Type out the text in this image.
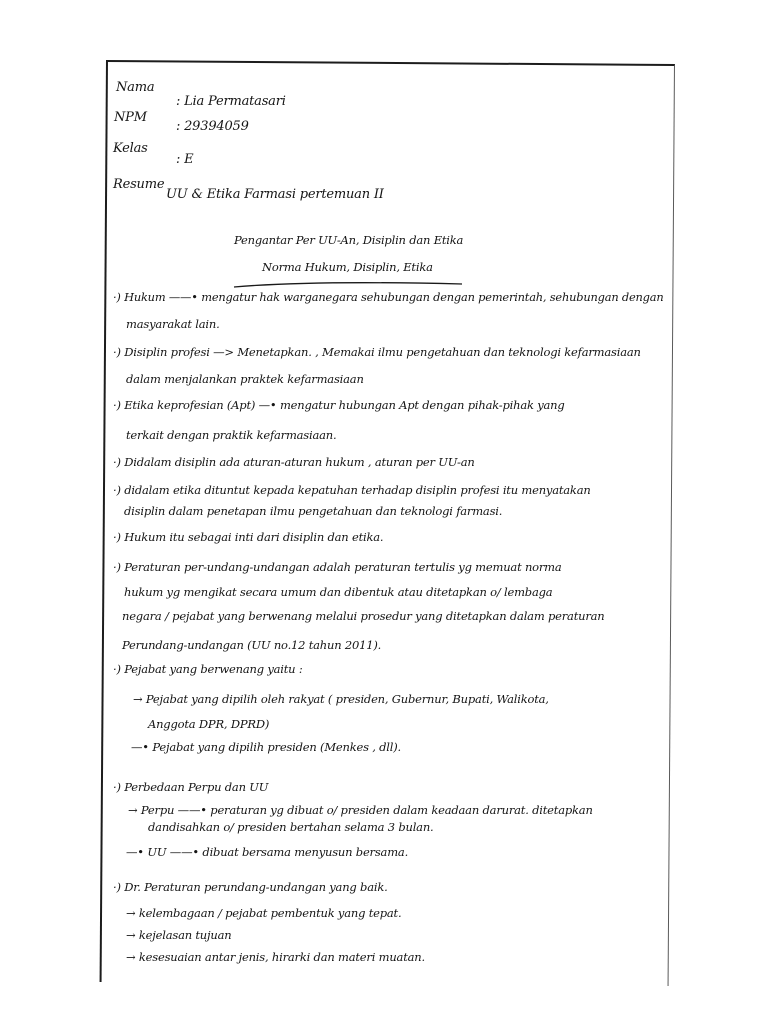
Nama
: Lia Permatasari
NPM
: 29394059
Kelas
: E
Resume
UU & Etika Farmasi pertemuan II
Pengantar Per UU-An, Disiplin dan Etika
Norma Hukum, Disiplin, Etika
·) Hukum ——• mengatur hak warganegara sehubungan dengan pemerintah, sehubungan dengan
masyarakat lain.
·) Disiplin profesi —> Menetapkan. , Memakai ilmu pengetahuan dan teknologi kefarmasiaan
dalam menjalankan praktek kefarmasiaan
·) Etika keprofesian (Apt) —• mengatur hubungan Apt dengan pihak-pihak yang
terkait dengan praktik kefarmasiaan.
·) Didalam disiplin ada aturan-aturan hukum , aturan per UU-an
·) didalam etika dituntut kepada kepatuhan terhadap disiplin profesi itu menyatakan
disiplin dalam penetapan ilmu pengetahuan dan teknologi farmasi.
·) Hukum itu sebagai inti dari disiplin dan etika.
·) Peraturan per-undang-undangan adalah peraturan tertulis yg memuat norma
hukum yg mengikat secara umum dan dibentuk atau ditetapkan o/ lembaga
negara / pejabat yang berwenang melalui prosedur yang ditetapkan dalam peraturan
Perundang-undangan (UU no.12 tahun 2011).
·) Pejabat yang berwenang yaitu :
→ Pejabat yang dipilih oleh rakyat ( presiden, Gubernur, Bupati, Walikota,
Anggota DPR, DPRD)
—• Pejabat yang dipilih presiden (Menkes , dll).
·) Perbedaan Perpu dan UU
→ Perpu ——• peraturan yg dibuat o/ presiden dalam keadaan darurat. ditetapkan
dandisahkan o/ presiden bertahan selama 3 bulan.
—• UU ——• dibuat bersama menyusun bersama.
·) Dr. Peraturan perundang-undangan yang baik.
→ kelembagaan / pejabat pembentuk yang tepat.
→ kejelasan tujuan
→ kesesuaian antar jenis, hirarki dan materi muatan.
